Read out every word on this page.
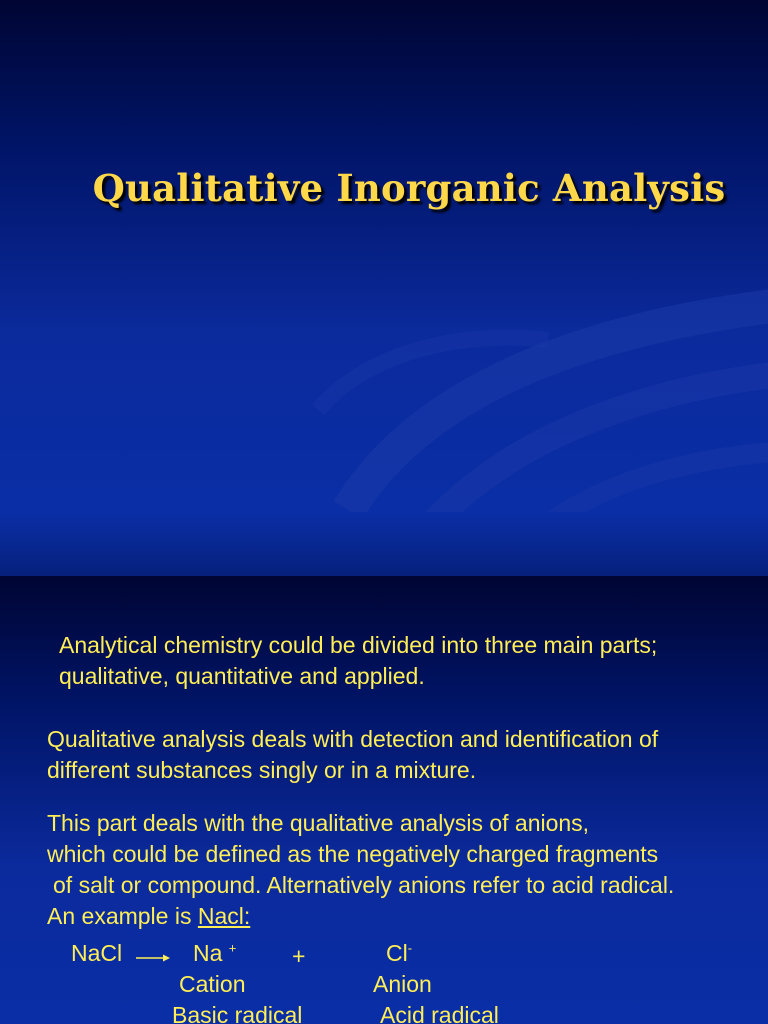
Qualitative Inorganic Analysis
Analytical chemistry could be divided into three main parts;
qualitative, quantitative and applied.
Qualitative analysis deals with detection and identification of
different substances singly or in a mixture.
This part deals with the qualitative analysis of anions,
which could be defined as the negatively charged fragments
of salt or compound. Alternatively anions refer to acid radical.
An example is Nacl:
NaCl → Na + +	Cl-
Cation	Anion
Basic radical	Acid radical
